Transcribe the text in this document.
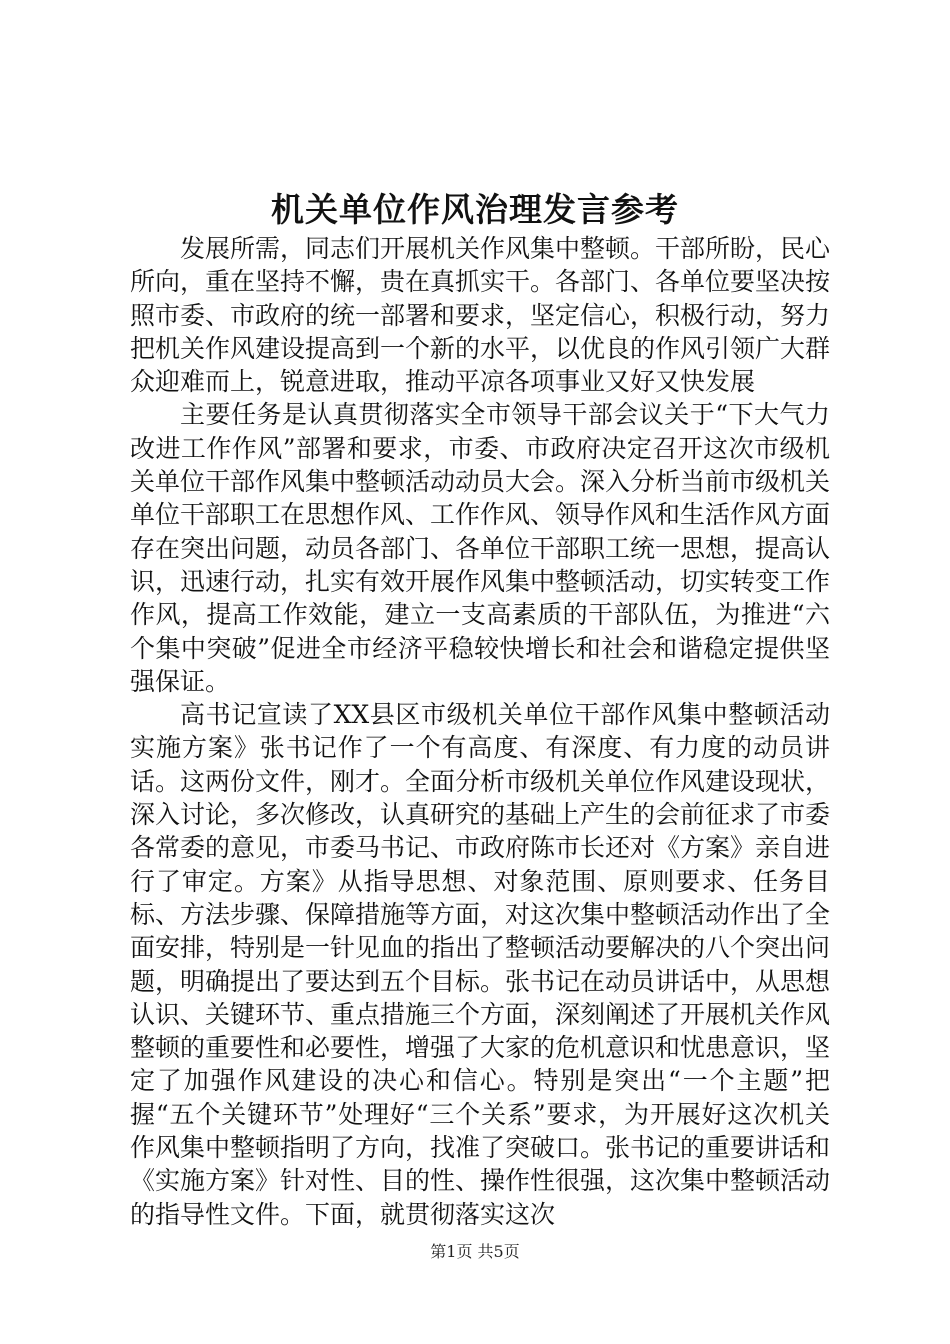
机关单位作风治理发言参考

发展所需，同志们开展机关作风集中整顿。干部所盼，民心所向，重在坚持不懈，贵在真抓实干。各部门、各单位要坚决按照市委、市政府的统一部署和要求，坚定信心，积极行动，努力把机关作风建设提高到一个新的水平，以优良的作风引领广大群众迎难而上，锐意进取，推动平凉各项事业又好又快发展

主要任务是认真贯彻落实全市领导干部会议关于“下大气力改进工作作风”部署和要求，市委、市政府决定召开这次市级机关单位干部作风集中整顿活动动员大会。深入分析当前市级机关单位干部职工在思想作风、工作作风、领导作风和生活作风方面存在突出问题，动员各部门、各单位干部职工统一思想，提高认识，迅速行动，扎实有效开展作风集中整顿活动，切实转变工作作风，提高工作效能，建立一支高素质的干部队伍，为推进“六个集中突破”促进全市经济平稳较快增长和社会和谐稳定提供坚强保证。

高书记宣读了XX县区市级机关单位干部作风集中整顿活动实施方案》张书记作了一个有高度、有深度、有力度的动员讲话。这两份文件，刚才。全面分析市级机关单位作风建设现状，深入讨论，多次修改，认真研究的基础上产生的会前征求了市委各常委的意见，市委马书记、市政府陈市长还对《方案》亲自进行了审定。方案》从指导思想、对象范围、原则要求、任务目标、方法步骤、保障措施等方面，对这次集中整顿活动作出了全面安排，特别是一针见血的指出了整顿活动要解决的八个突出问题，明确提出了要达到五个目标。张书记在动员讲话中，从思想认识、关键环节、重点措施三个方面，深刻阐述了开展机关作风整顿的重要性和必要性，增强了大家的危机意识和忧患意识，坚定了加强作风建设的决心和信心。特别是突出“一个主题”把握“五个关键环节”处理好“三个关系”要求，为开展好这次机关作风集中整顿指明了方向，找准了突破口。张书记的重要讲话和《实施方案》针对性、目的性、操作性很强，这次集中整顿活动的指导性文件。下面，就贯彻落实这次

第1页 共5页
